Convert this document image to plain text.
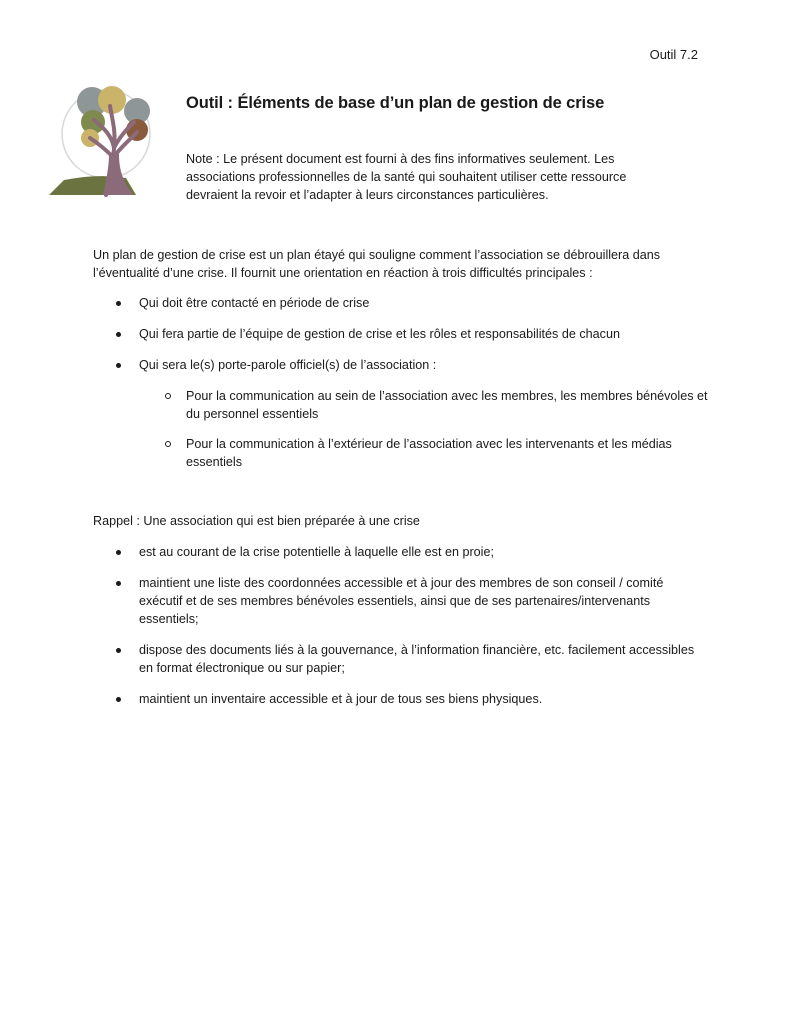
Outil 7.2
Outil : Éléments de base d’un plan de gestion de crise

Note : Le présent document est fourni à des fins informatives seulement. Les associations professionnelles de la santé qui souhaitent utiliser cette ressource devraient la revoir et l’adapter à leurs circonstances particulières.

Un plan de gestion de crise est un plan étayé qui souligne comment l’association se débrouillera dans l’éventualité d’une crise. Il fournit une orientation en réaction à trois difficultés principales :

Qui doit être contacté en période de crise
Qui fera partie de l’équipe de gestion de crise et les rôles et responsabilités de chacun
Qui sera le(s) porte-parole officiel(s) de l’association :
Pour la communication au sein de l’association avec les membres, les membres bénévoles et du personnel essentiels
Pour la communication à l’extérieur de l’association avec les intervenants et les médias essentiels

Rappel : Une association qui est bien préparée à une crise

est au courant de la crise potentielle à laquelle elle est en proie;
maintient une liste des coordonnées accessible et à jour des membres de son conseil / comité exécutif et de ses membres bénévoles essentiels, ainsi que de ses partenaires/intervenants essentiels;
dispose des documents liés à la gouvernance, à l’information financière, etc. facilement accessibles en format électronique ou sur papier;
maintient un inventaire accessible et à jour de tous ses biens physiques.
